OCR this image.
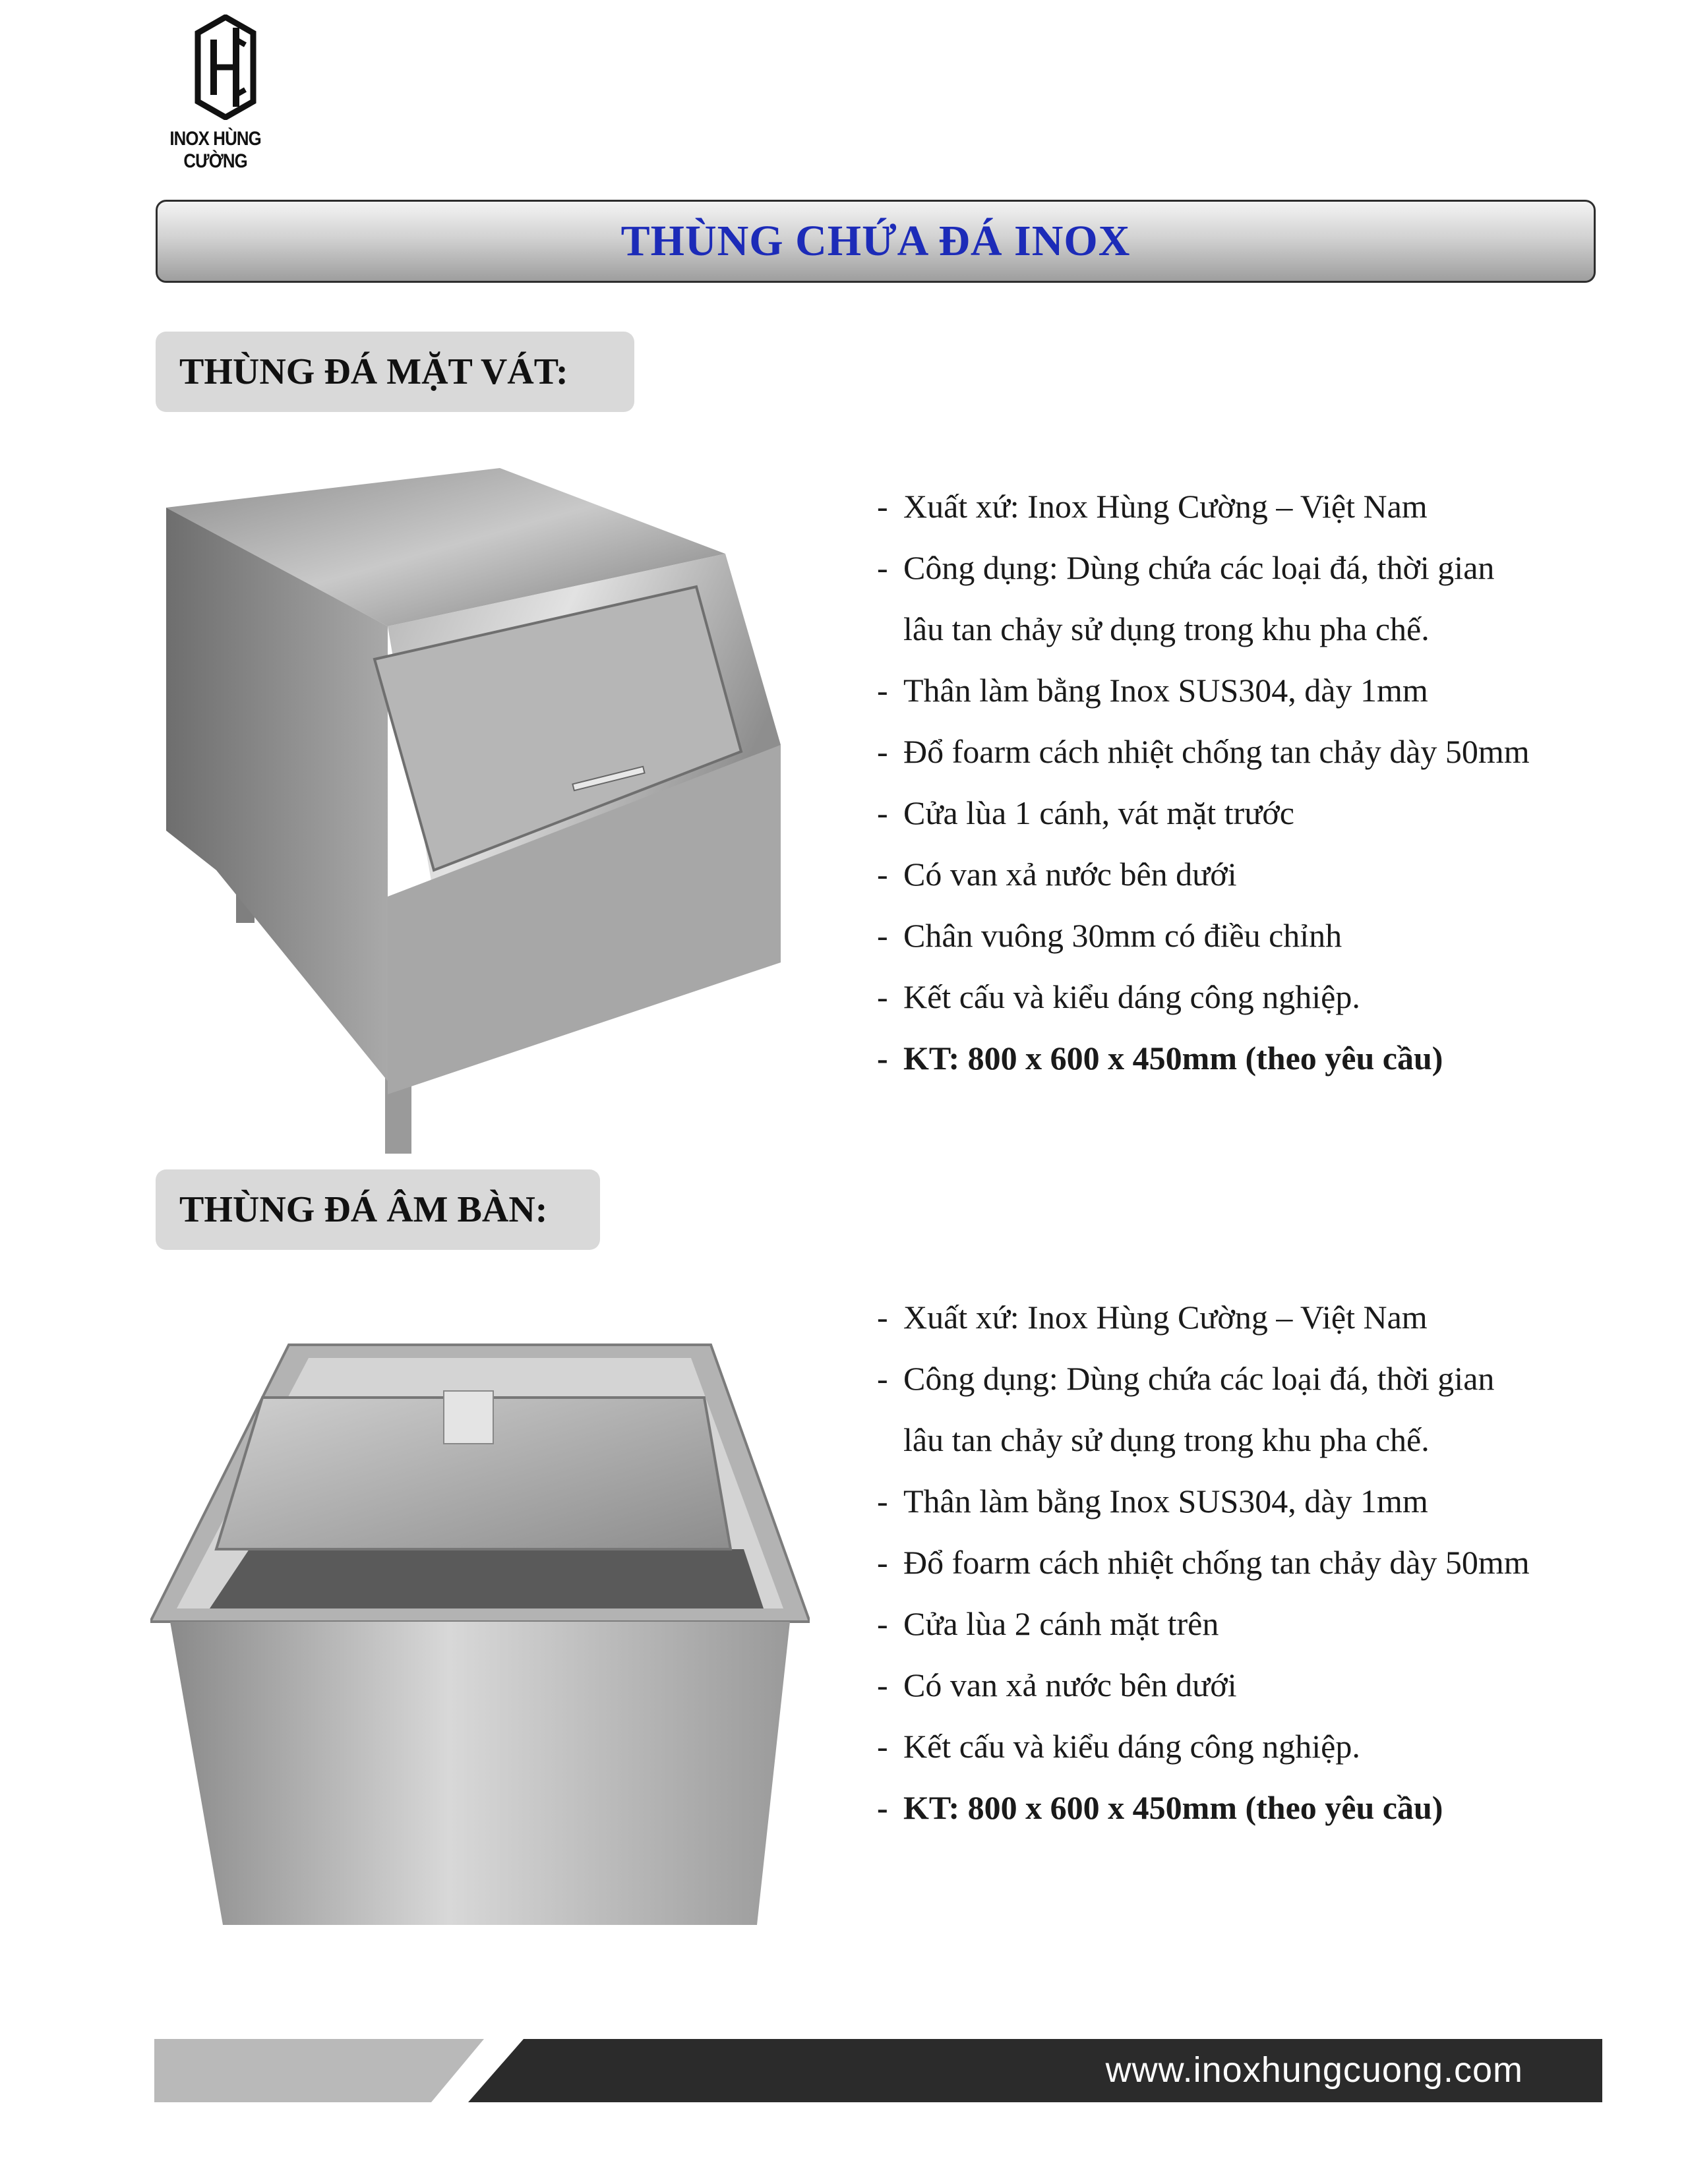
INOX HÙNG CƯỜNG
THÙNG CHỨA ĐÁ INOX
THÙNG ĐÁ MẶT VÁT:
- Xuất xứ: Inox Hùng Cường – Việt Nam
- Công dụng: Dùng chứa các loại đá, thời gian
lâu tan chảy sử dụng trong khu pha chế.
- Thân làm bằng Inox SUS304, dày 1mm
- Đổ foarm cách nhiệt chống tan chảy dày 50mm
- Cửa lùa 1 cánh, vát mặt trước
- Có van xả nước bên dưới
- Chân vuông 30mm có điều chỉnh
- Kết cấu và kiểu dáng công nghiệp.
- KT: 800 x 600 x 450mm (theo yêu cầu)
THÙNG ĐÁ ÂM BÀN:
- Xuất xứ: Inox Hùng Cường – Việt Nam
- Công dụng: Dùng chứa các loại đá, thời gian
lâu tan chảy sử dụng trong khu pha chế.
- Thân làm bằng Inox SUS304, dày 1mm
- Đổ foarm cách nhiệt chống tan chảy dày 50mm
- Cửa lùa 2 cánh mặt trên
- Có van xả nước bên dưới
- Kết cấu và kiểu dáng công nghiệp.
- KT: 800 x 600 x 450mm (theo yêu cầu)
www.inoxhungcuong.com
